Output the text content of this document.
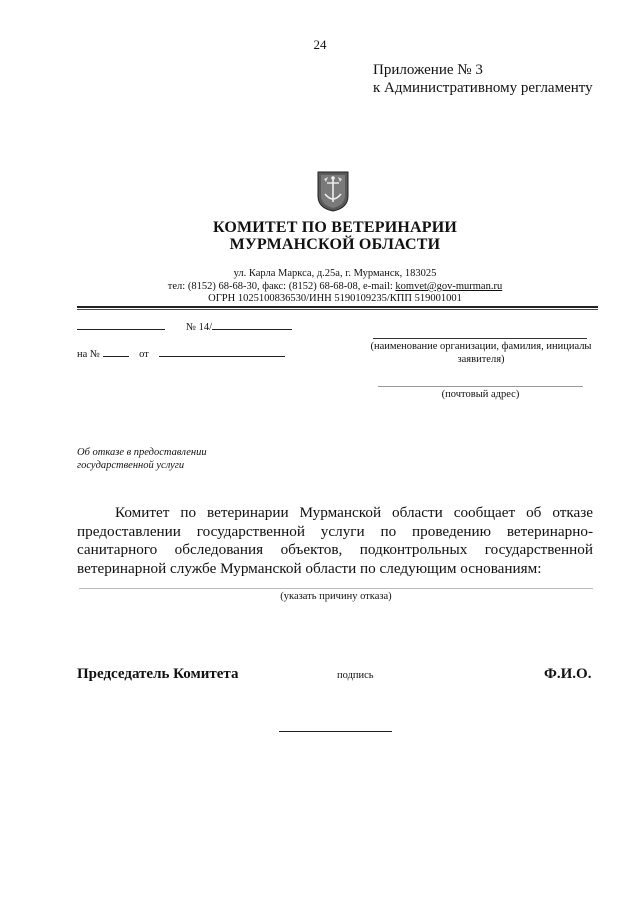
24
Приложение № 3
к Административному регламенту
КОМИТЕТ ПО ВЕТЕРИНАРИИ
МУРМАНСКОЙ ОБЛАСТИ
ул. Карла Маркса, д.25а, г. Мурманск, 183025
тел: (8152) 68-68-30, факс: (8152) 68-68-08, e-mail: komvet@gov-murman.ru
ОГРН 1025100836530/ИНН 5190109235/КПП 519001001
№ 14/
на №	от
(наименование организации, фамилия, инициалы заявителя)
(почтовый адрес)
Об отказе в предоставлении
государственной услуги
Комитет по ветеринарии Мурманской области сообщает об отказе предоставлении государственной услуги по проведению ветеринарно-санитарного обследования объектов, подконтрольных государственной ветеринарной службе Мурманской области по следующим основаниям:
(указать причину отказа)
Председатель Комитета	подпись	Ф.И.О.
